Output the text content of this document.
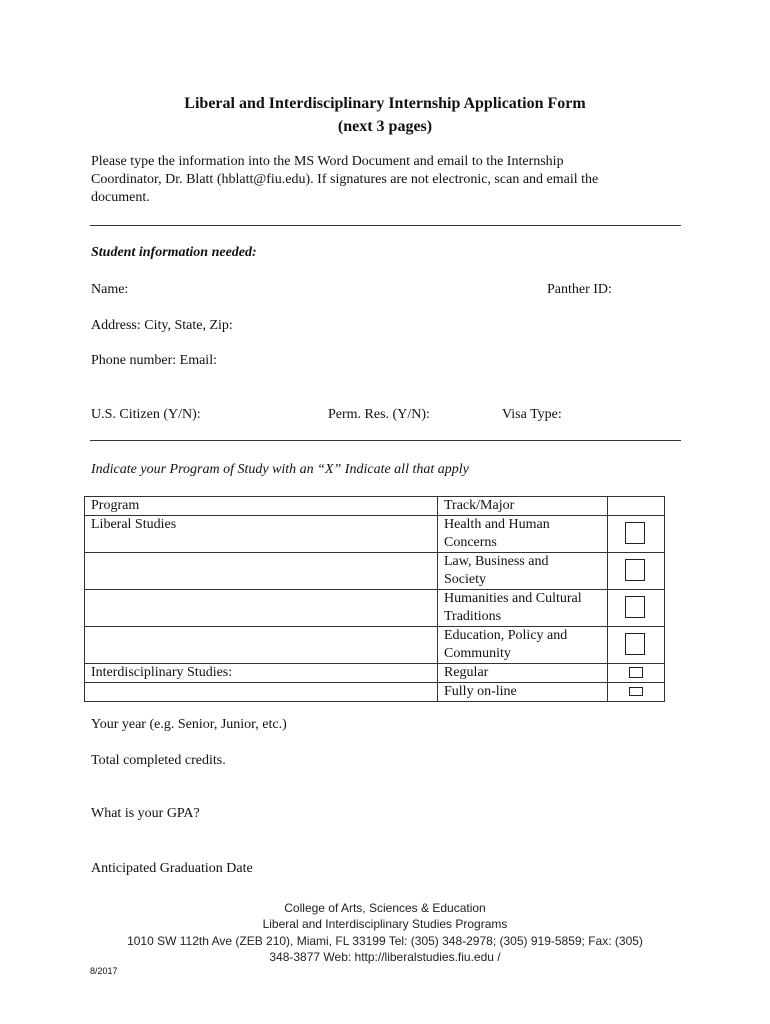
Liberal and Interdisciplinary Internship Application Form
(next 3 pages)
Please type the information into the MS Word Document and email to the Internship
Coordinator, Dr. Blatt (hblatt@fiu.edu). If signatures are not electronic, scan and email the
document.
Student information needed:
Name:	Panther ID:
Address: City, State, Zip:
Phone number: Email:
U.S. Citizen (Y/N):	Perm. Res. (Y/N):	Visa Type:
Indicate your Program of Study with an “X” Indicate all that apply
Program	Track/Major	
Liberal Studies	Health and Human
Concerns	

	Law, Business and
Society	

	Humanities and Cultural
Traditions	

	Education, Policy and
Community	

Interdisciplinary Studies:	Regular	

	Fully on-line	

Your year (e.g. Senior, Junior, etc.)
Total completed credits.
What is your GPA?
Anticipated Graduation Date
College of Arts, Sciences & Education
Liberal and Interdisciplinary Studies Programs
1010 SW 112th Ave (ZEB 210), Miami, FL 33199 Tel: (305) 348-2978; (305) 919-5859; Fax: (305)
348-3877 Web: http://liberalstudies.fiu.edu /
8/2017
